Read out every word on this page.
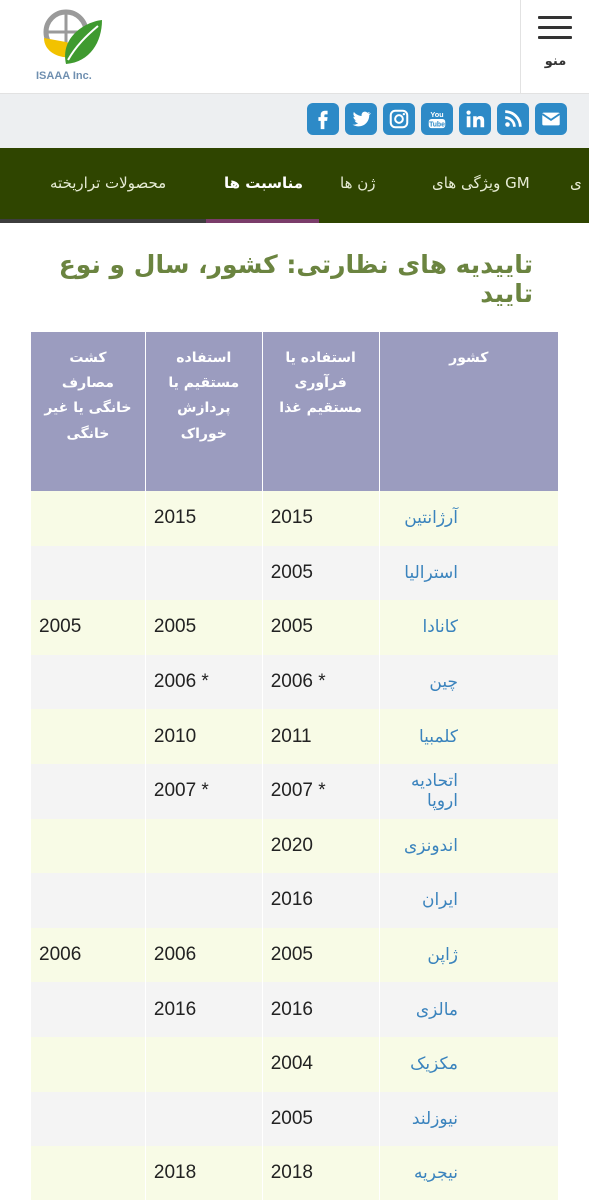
ISAAA Inc.
منو
You
Tube
ی
GM ویژگی های
ژن ها
مناسبت ها
محصولات تراریخته
تاییدیه های نظارتی: کشور، سال و نوع تایید
کشور	استفاده یا فرآوری مستقیم غذا	استفاده مستقیم یا پردازش خوراک	کشت مصارف خانگی یا غیر خانگی
آرژانتین	2015	2015	
استرالیا	2005		
کانادا	2005	2005	2005
چین	2006 *	2006 *	
کلمبیا	2011	2010	
اتحادیه اروپا	2007 *	2007 *	
اندونزی	2020		
ایران	2016		
ژاپن	2005	2006	2006
مالزی	2016	2016	
مکزیک	2004		
نیوزلند	2005		
نیجریه	2018	2018	
